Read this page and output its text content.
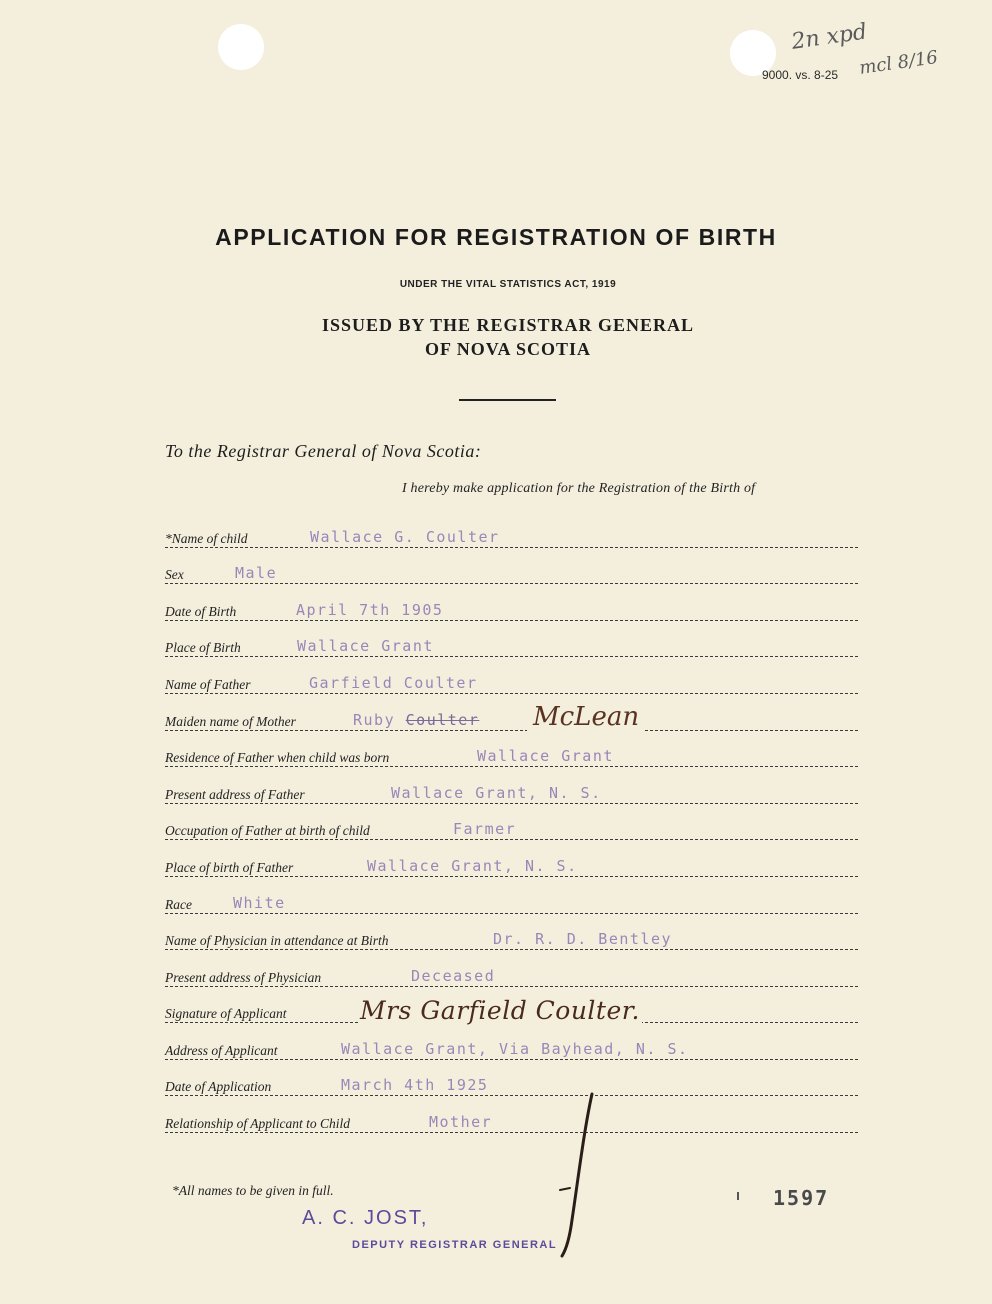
2n xpd
mcl 8/16
9000. vs. 8-25
APPLICATION FOR REGISTRATION OF BIRTH
UNDER THE VITAL STATISTICS ACT, 1919
ISSUED BY THE REGISTRAR GENERAL
OF NOVA SCOTIA
To the Registrar General of Nova Scotia:
I hereby make application for the Registration of the Birth of
*Name of child	Wallace G. Coulter
Sex	Male
Date of Birth	April 7th 1905
Place of Birth	Wallace Grant
Name of Father	Garfield Coulter
Maiden name of Mother	Ruby Coulter McLean
Residence of Father when child was born	Wallace Grant
Present address of Father	Wallace Grant, N. S.
Occupation of Father at birth of child	Farmer
Place of birth of Father	Wallace Grant, N. S.
Race	White
Name of Physician in attendance at Birth	Dr. R. D. Bentley
Present address of Physician	Deceased
Signature of Applicant	Mrs Garfield Coulter.
Address of Applicant	Wallace Grant, Via Bayhead, N. S.
Date of Application	March 4th 1925
Relationship of Applicant to Child	Mother
*All names to be given in full.	1597
A. C. JOST,
DEPUTY REGISTRAR GENERAL
